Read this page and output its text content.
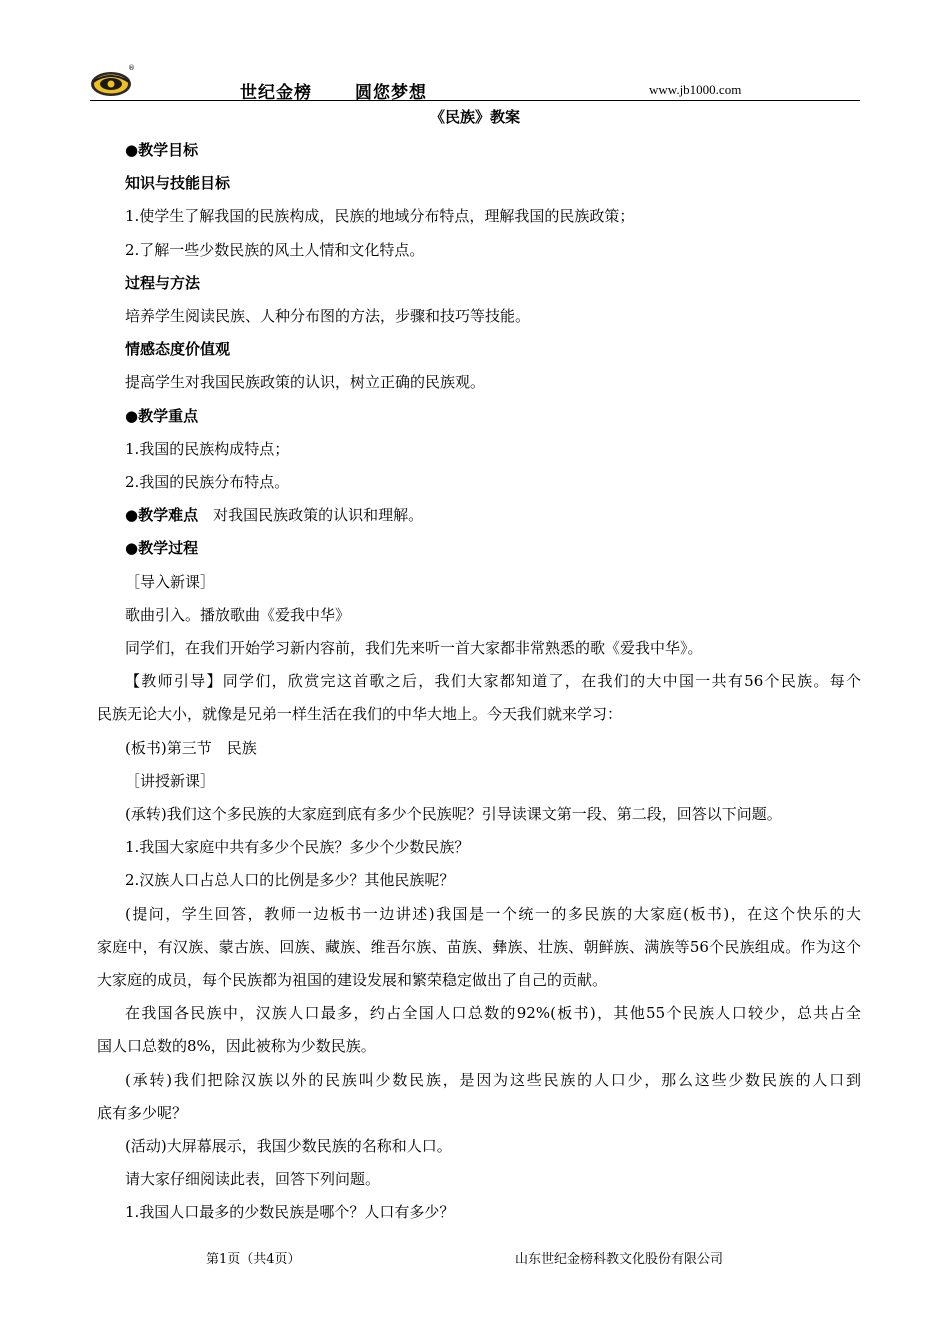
®
世纪金榜	圆您梦想	www.jb1000.com
《民族》教案
●教学目标
知识与技能目标
1.使学生了解我国的民族构成，民族的地域分布特点，理解我国的民族政策；
2.了解一些少数民族的风土人情和文化特点。
过程与方法
培养学生阅读民族、人种分布图的方法，步骤和技巧等技能。
情感态度价值观
提高学生对我国民族政策的认识，树立正确的民族观。
●教学重点
1.我国的民族构成特点；
2.我国的民族分布特点。
●教学难点　对我国民族政策的认识和理解。
●教学过程
［导入新课］
歌曲引入。播放歌曲《爱我中华》
同学们，在我们开始学习新内容前，我们先来听一首大家都非常熟悉的歌《爱我中华》。
【教师引导】同学们，欣赏完这首歌之后，我们大家都知道了，在我们的大中国一共有56个民族。每个
民族无论大小，就像是兄弟一样生活在我们的中华大地上。今天我们就来学习：
(板书)第三节　民族
［讲授新课］
(承转)我们这个多民族的大家庭到底有多少个民族呢？引导读课文第一段、第二段，回答以下问题。
1.我国大家庭中共有多少个民族？多少个少数民族？
2.汉族人口占总人口的比例是多少？其他民族呢？
(提问，学生回答，教师一边板书一边讲述)我国是一个统一的多民族的大家庭(板书)，在这个快乐的大
家庭中，有汉族、蒙古族、回族、藏族、维吾尔族、苗族、彝族、壮族、朝鲜族、满族等56个民族组成。作为这个
大家庭的成员，每个民族都为祖国的建设发展和繁荣稳定做出了自己的贡献。
在我国各民族中，汉族人口最多，约占全国人口总数的92%(板书)，其他55个民族人口较少，总共占全
国人口总数的8%，因此被称为少数民族。
(承转)我们把除汉族以外的民族叫少数民族，是因为这些民族的人口少，那么这些少数民族的人口到
底有多少呢？
(活动)大屏幕展示，我国少数民族的名称和人口。
请大家仔细阅读此表，回答下列问题。
1.我国人口最多的少数民族是哪个？人口有多少？
第1页（共4页）	山东世纪金榜科教文化股份有限公司
